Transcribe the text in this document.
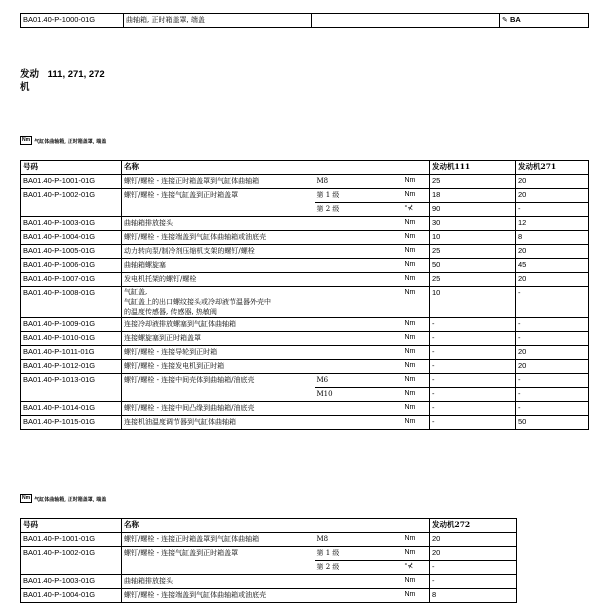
BA01.40-P-1000-01G	曲轴箱, 正时箱盖罩, 端盖		✎ BA
发动 111, 271, 272
机
Nm 气缸体曲轴箱, 正时箱盖罩, 端盖
号码	名称			发动机111	发动机271
BA01.40-P-1001-01G	螺钉/螺栓 - 连接正时箱盖罩到气缸体曲轴箱	M8	Nm	25	20
BA01.40-P-1002-01G	螺钉/螺栓 - 连接气缸盖到正时箱盖罩	第 1 级	Nm	18	20
		第 2 级	°⊀	90	-
BA01.40-P-1003-01G	曲轴箱排放接头		Nm	30	12
BA01.40-P-1004-01G	螺钉/螺栓 - 连接端盖到气缸体曲轴箱或油底壳		Nm	10	8
BA01.40-P-1005-01G	动力转向泵/制冷剂压缩机支架的螺钉/螺栓		Nm	25	20
BA01.40-P-1006-01G	曲轴箱螺旋塞		Nm	50	45
BA01.40-P-1007-01G	发电机托架的螺钉/螺栓		Nm	25	20
BA01.40-P-1008-01G	气缸盖,
气缸盖上的出口螺纹接头或冷却液节温器外壳中
的温度传感器, 传感器, 热敏阀		Nm	10	-
BA01.40-P-1009-01G	连接冷却液排放螺塞到气缸体曲轴箱		Nm	-	-
BA01.40-P-1010-01G	连接螺旋塞到正时箱盖罩		Nm	-	-
BA01.40-P-1011-01G	螺钉/螺栓 - 连接导轮到正时箱		Nm	-	20
BA01.40-P-1012-01G	螺钉/螺栓 - 连接发电机到正时箱		Nm	-	20
BA01.40-P-1013-01G	螺钉/螺栓 - 连接中间壳体到曲轴箱/油底壳	M6	Nm	-	-
		M10	Nm	-	-
BA01.40-P-1014-01G	螺钉/螺栓 - 连接中间凸缘到曲轴箱/油底壳		Nm	-	-
BA01.40-P-1015-01G	连接机油温度调节器到气缸体曲轴箱		Nm	-	50
Nm 气缸体曲轴箱, 正时箱盖罩, 端盖
号码	名称			发动机272
BA01.40-P-1001-01G	螺钉/螺栓 - 连接正时箱盖罩到气缸体曲轴箱	M8	Nm	20
BA01.40-P-1002-01G	螺钉/螺栓 - 连接气缸盖到正时箱盖罩	第 1 级	Nm	20
		第 2 级	°⊀	-
BA01.40-P-1003-01G	曲轴箱排放接头		Nm	-
BA01.40-P-1004-01G	螺钉/螺栓 - 连接端盖到气缸体曲轴箱或油底壳		Nm	8
